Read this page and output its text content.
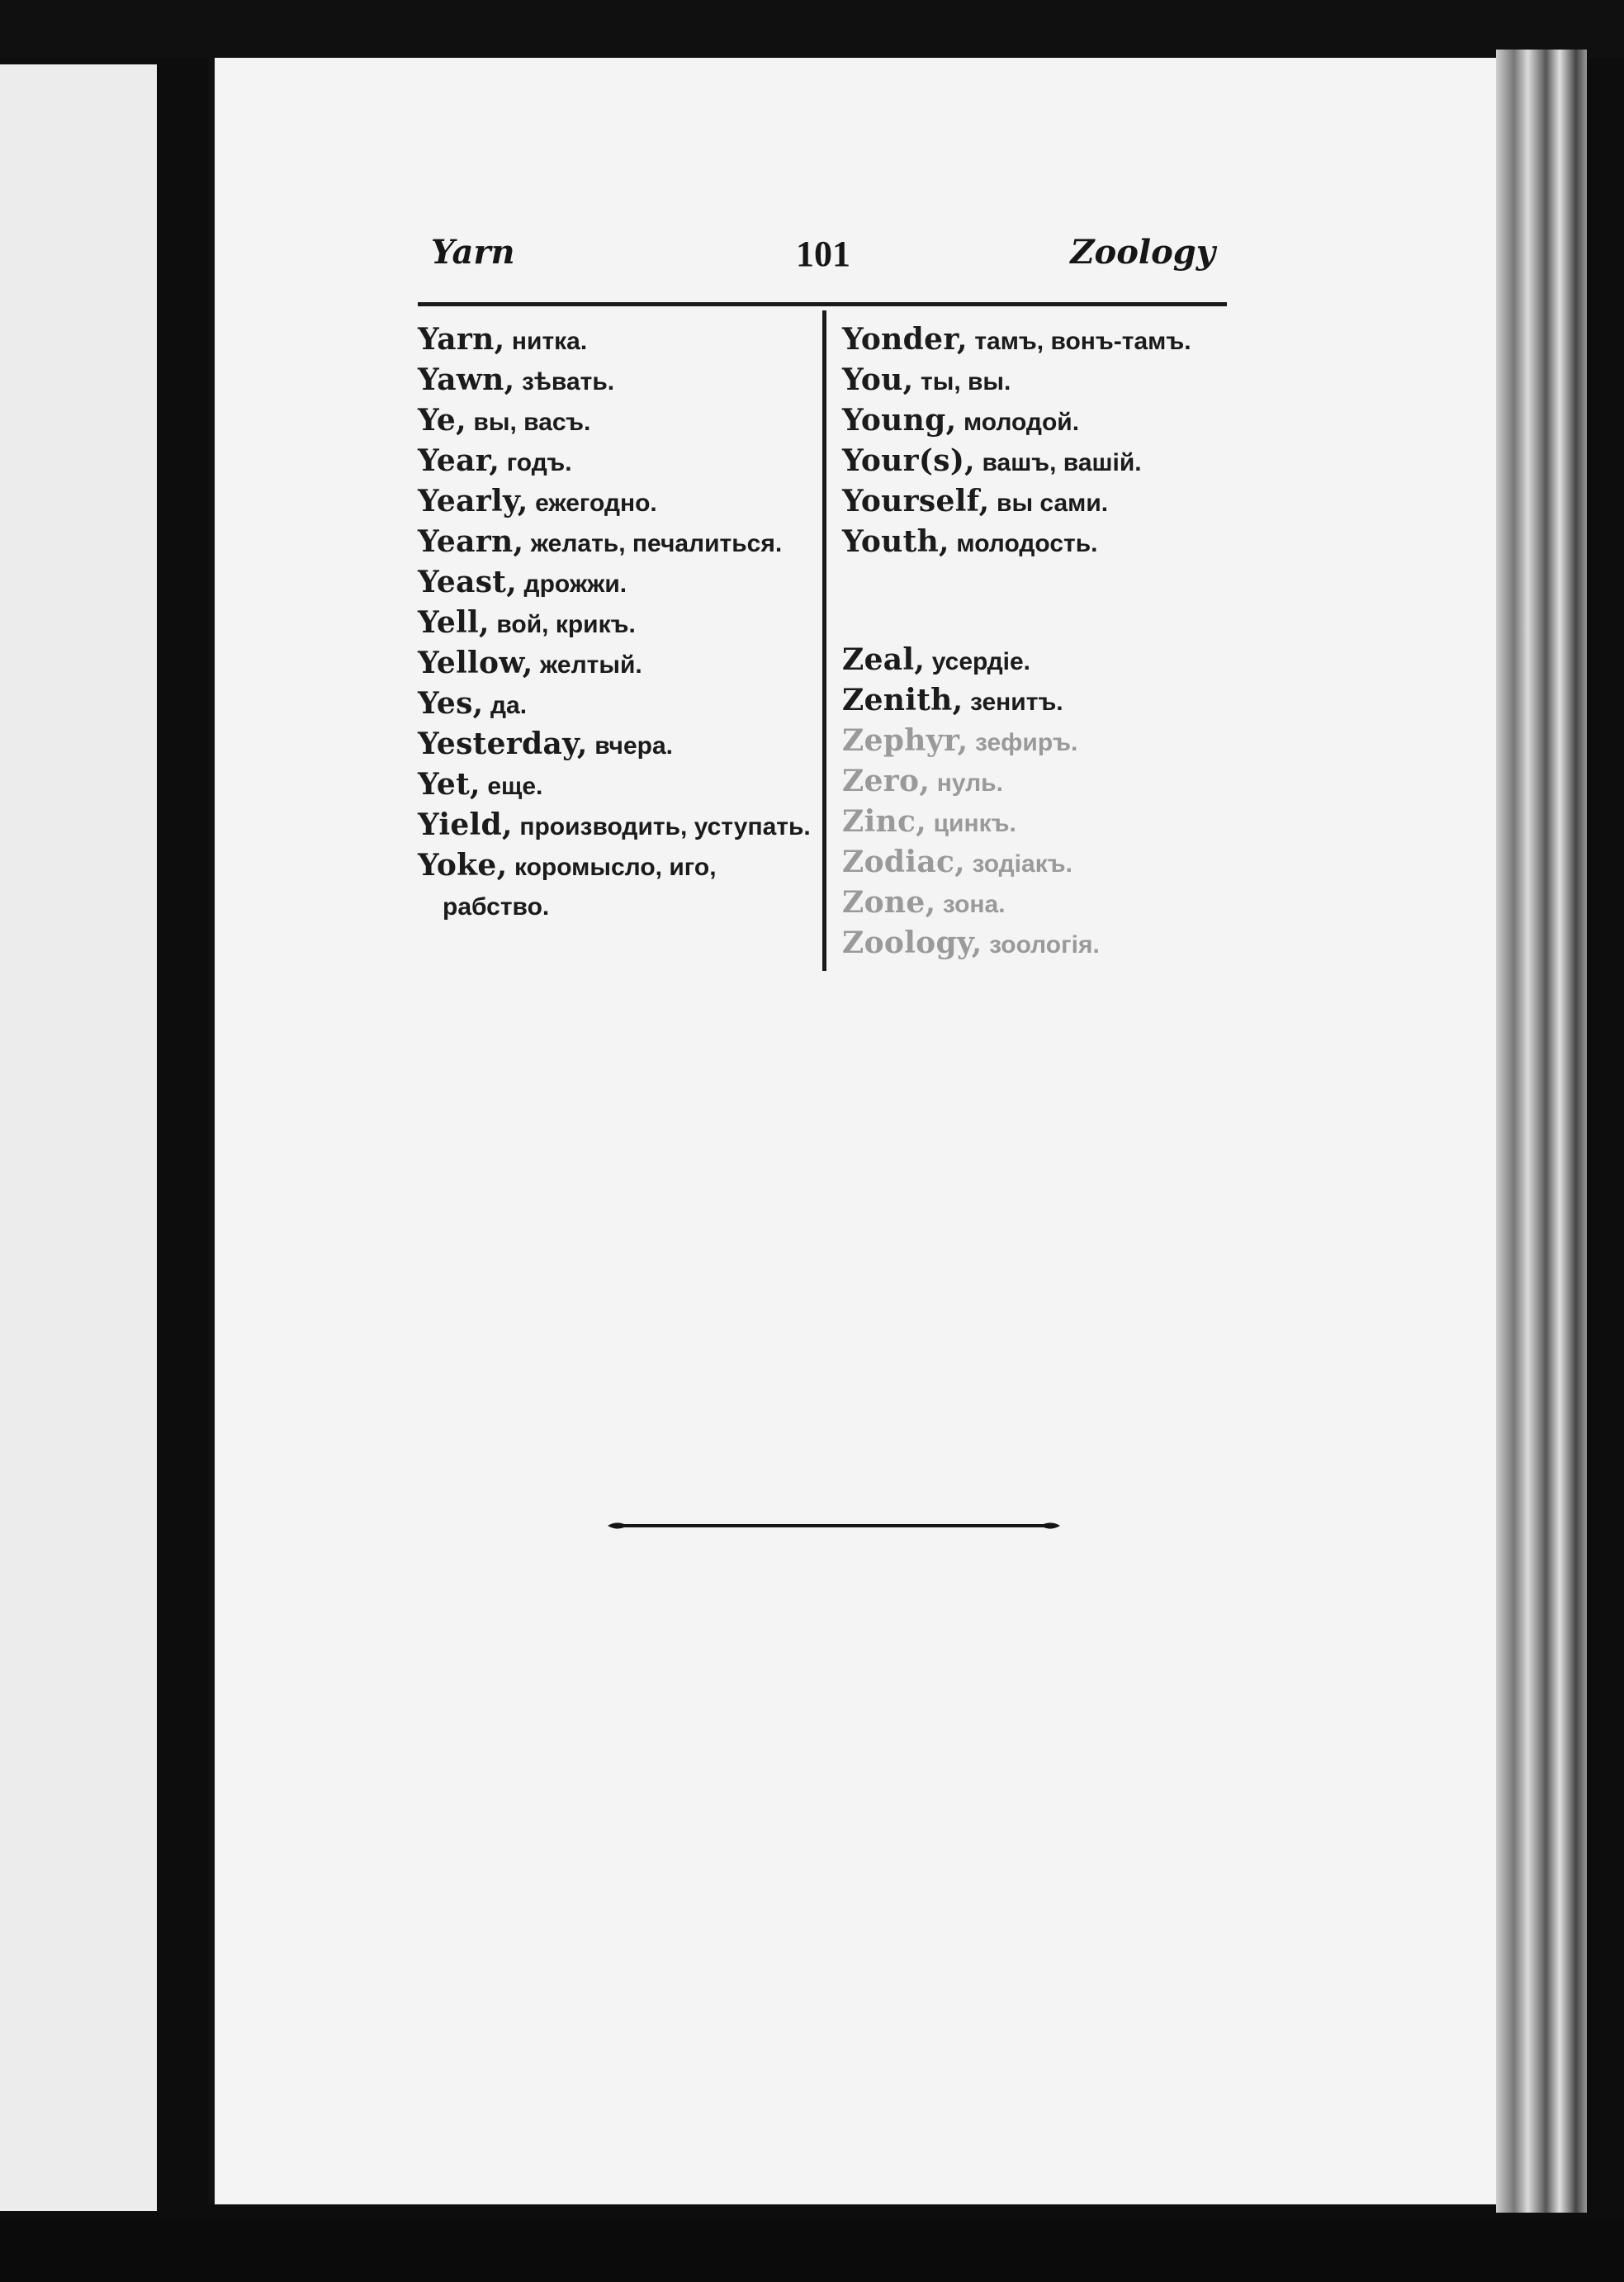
Yarn	101	Zoology

Yarn, нитка.

Yawn, зѣвать.

Ye, вы, васъ.

Year, годъ.

Yearly, ежегодно.

Yearn, желать, печалиться.

Yeast, дрожжи.

Yell, вой, крикъ.

Yellow, желтый.

Yes, да.

Yesterday, вчера.

Yet, еще.

Yield, производить, уступать.

Yoke, коромысло, иго, рабство.

Yonder, тамъ, вонъ-тамъ.

You, ты, вы.

Young, молодой.

Your(s), вашъ, вашій.

Yourself, вы сами.

Youth, молодость.

Zeal, усердіе.

Zenith, зенитъ.

Zephyr, зефиръ.

Zero, нуль.

Zinc, цинкъ.

Zodiac, зодіакъ.

Zone, зона.

Zoology, зоологія.
